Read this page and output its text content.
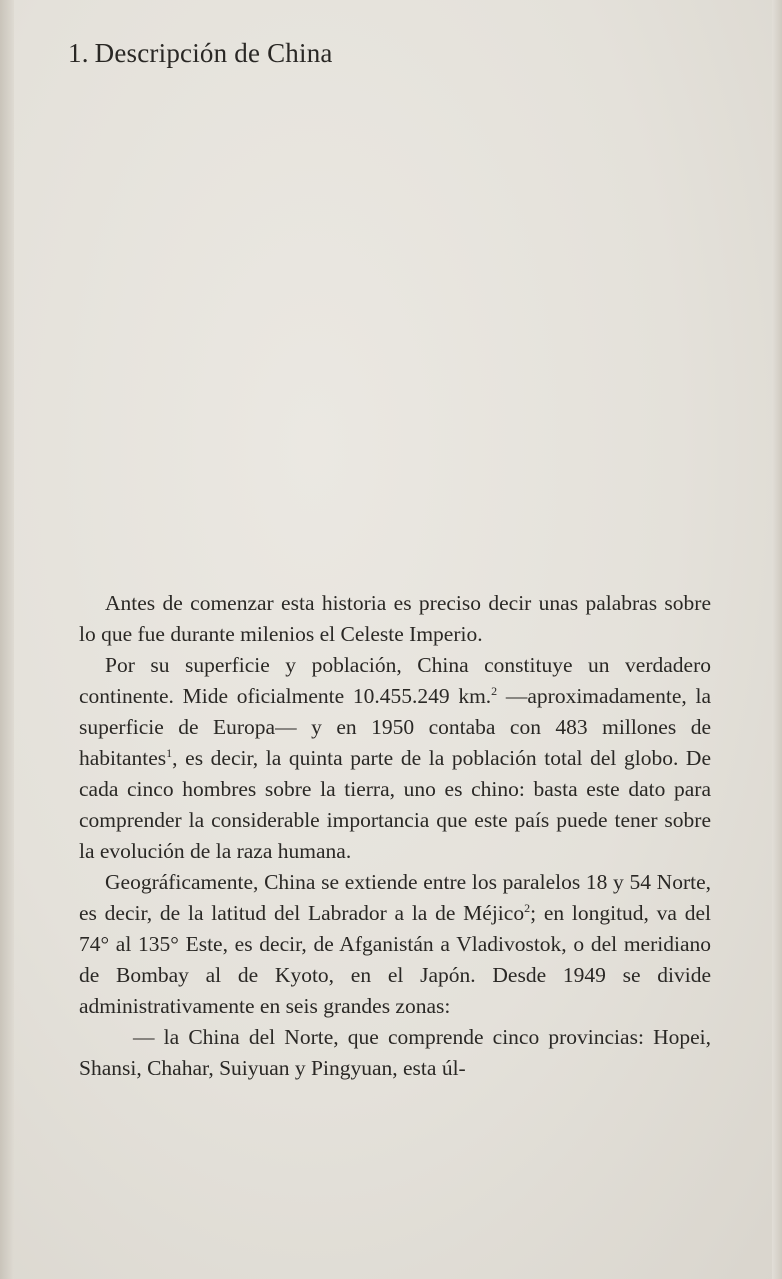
1. Descripción de China

Antes de comenzar esta historia es preciso decir unas palabras sobre lo que fue durante milenios el Celeste Imperio.

Por su superficie y población, China constituye un verdadero continente. Mide oficialmente 10.455.249 km.$^2$ —aproximadamente, la superficie de Europa— y en 1950 contaba con 483 millones de habitantes$^1$, es decir, la quinta parte de la población total del globo. De cada cinco hombres sobre la tierra, uno es chino: basta este dato para comprender la considerable importancia que este país puede tener sobre la evolución de la raza humana.

Geográficamente, China se extiende entre los paralelos 18 y 54 Norte, es decir, de la latitud del Labrador a la de Méjico$^2$; en longitud, va del 74° al 135° Este, es decir, de Afganistán a Vladivostok, o del meridiano de Bombay al de Kyoto, en el Japón. Desde 1949 se divide administrativamente en seis grandes zonas:

— la China del Norte, que comprende cinco provincias: Hopei, Shansi, Chahar, Suiyuan y Pingyuan, esta úl-
